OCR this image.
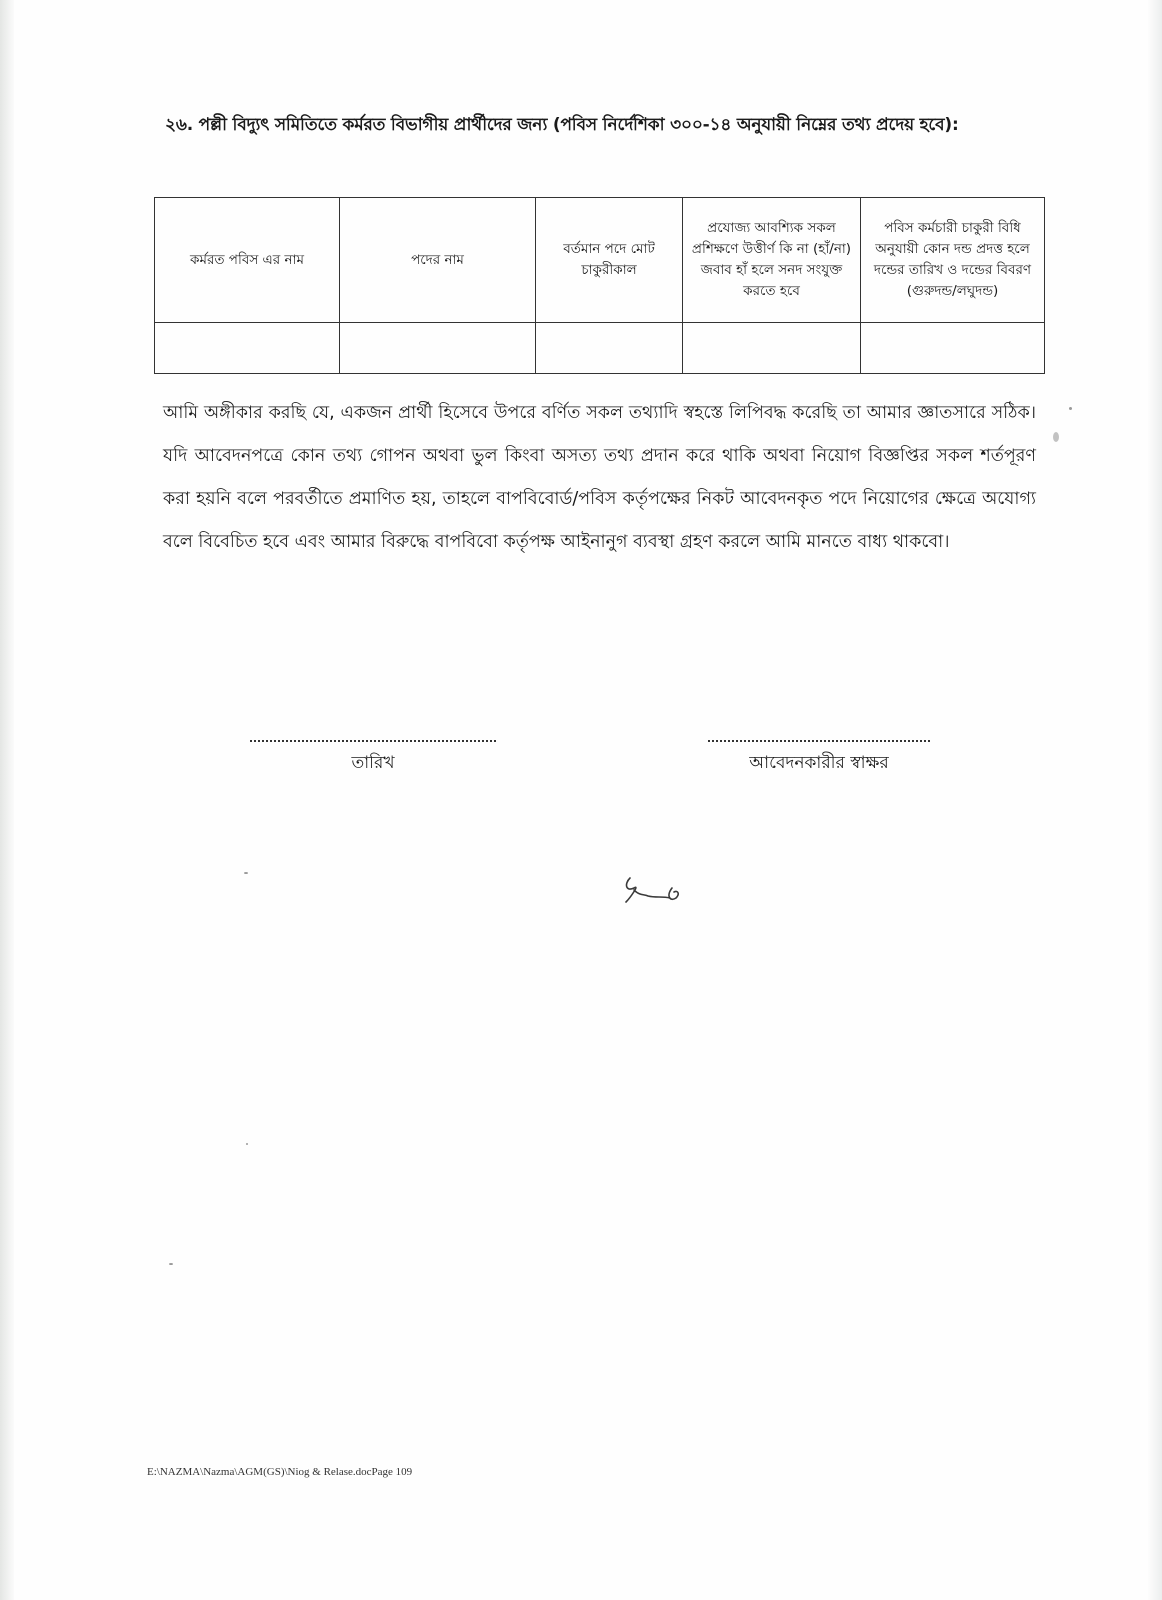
২৬. পল্লী বিদ্যুৎ সমিতিতে কর্মরত বিভাগীয় প্রার্থীদের জন্য (পবিস নির্দেশিকা ৩০০-১৪ অনুযায়ী নিম্নের তথ্য প্রদেয় হবে):
কর্মরত পবিস এর নাম	পদের নাম	বর্তমান পদে মোট চাকুরীকাল	প্রযোজ্য আবশ্যিক সকল প্রশিক্ষণে উত্তীর্ণ কি না (হাঁ/না) জবাব হাঁ হলে সনদ সংযুক্ত করতে হবে	পবিস কর্মচারী চাকুরী বিধি অনুযায়ী কোন দন্ড প্রদত্ত হলে দন্ডের তারিখ ও দন্ডের বিবরণ (গুরুদন্ড/লঘুদন্ড)

আমি অঙ্গীকার করছি যে, একজন প্রার্থী হিসেবে উপরে বর্ণিত সকল তথ্যাদি স্বহস্তে লিপিবদ্ধ করেছি তা আমার জ্ঞাতসারে সঠিক। যদি আবেদনপত্রে কোন তথ্য গোপন অথবা ভুল কিংবা অসত্য তথ্য প্রদান করে থাকি অথবা নিয়োগ বিজ্ঞপ্তির সকল শর্তপূরণ করা হয়নি বলে পরবর্তীতে প্রমাণিত হয়, তাহলে বাপবিবোর্ড/পবিস কর্তৃপক্ষের নিকট আবেদনকৃত পদে নিয়োগের ক্ষেত্রে অযোগ্য বলে বিবেচিত হবে এবং আমার বিরুদ্ধে বাপবিবো কর্তৃপক্ষ আইনানুগ ব্যবস্থা গ্রহণ করলে আমি মানতে বাধ্য থাকবো।

তারিখ	আবেদনকারীর স্বাক্ষর
E:\NAZMA\Nazma\AGM(GS)\Niog & Relase.docPage 109
